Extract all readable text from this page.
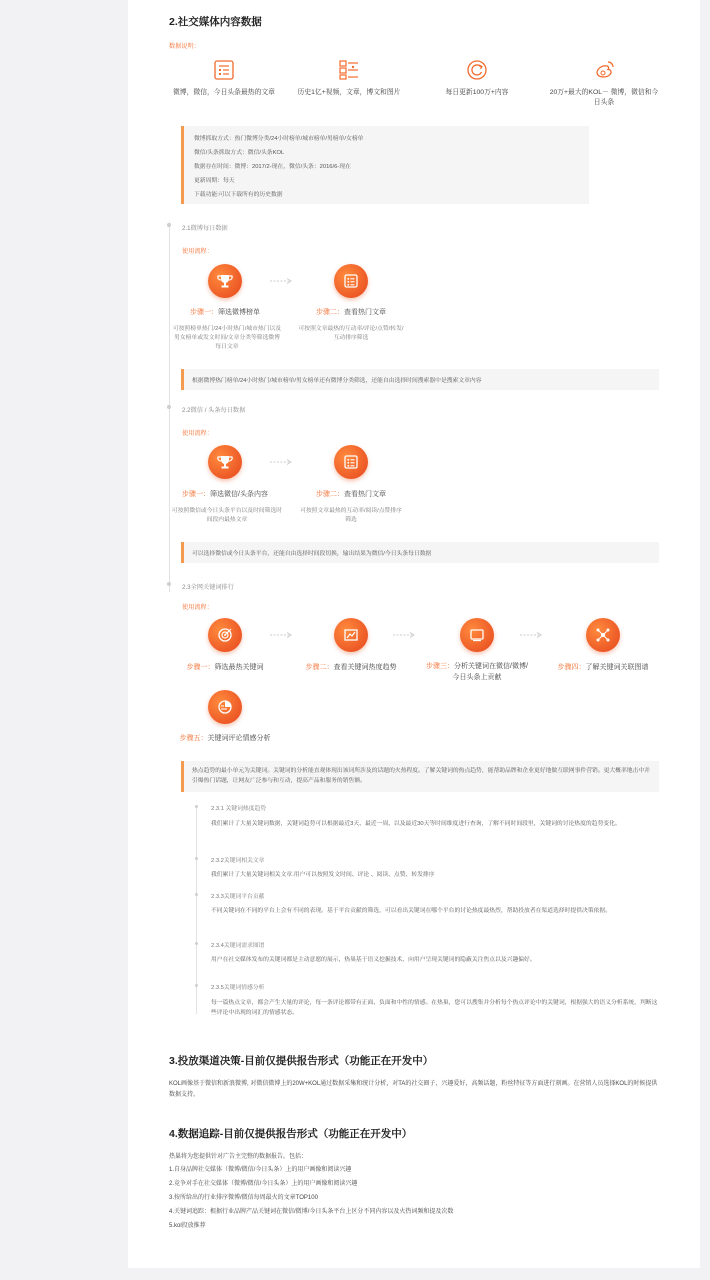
2.社交媒体内容数据
数据说明：
微博，微信，今日头条最热的文章	历史1亿+视频，文章，博文和图片	每日更新100万+内容	20万+最大的KOL－ 微博，微信和今日头条
微博抓取方式：热门微博分类/24小时榜单/城市榜单/男榜单/女榜单
微信/头条抓取方式：微信/头条KOL
数据存在时间：微博：2017/2-现在，微信/头条：2016/6-现在
更新周期：每天
下载功能:可以下载所有的历史数据
2.1微博每日数据
使用流程：
步骤一：筛选微博榜单	步骤二：查看热门文章
可按照榜单热门/24小时热门/城市热门以及男女榜单或发文时间/文章分类等筛选微博每日文章
可按照文章最热的互动率/评论/点赞/转发/互动排序筛选
根据微博热门榜单/24小时热门/城市榜单/男女榜单还有微博分类筛选，还能自由选择时间搜索器中是搜索文章内容
2.2微信 / 头条每日数据
使用流程：
步骤一：筛选微信/头条内容	步骤二：查看热门文章
可按照微信或今日头条平台以及时间筛选时间段内最热文章
可按照文章最热的互动率/阅读/点赞排序筛选
可以选择微信或今日头条平台，还能自由选择时间段切换，输出结果为微信/今日头条每日数据
2.3全网关键词排行
使用流程：
步骤一：筛选最热关键词	步骤二：查看关键词热度趋势	步骤三：分析关键词在微信/微博/
今日头条上贡献
步骤四：了解关键词关联图谱
步骤五：关键词评论情感分析
热点趋势的最小单元为关键词。关键词的分析能直观体现出该词所涉及的话题的火热程度。了解关键词的热点趋势，能帮助品牌和企业更好地做互联网事件营销。更大概率地击中并引爆热门话题，让网友广泛参与和互动，提高产品和服务的销售额。
2.3.1 关键词热度趋势
我们累计了大量关键词数据，关键词趋势可以根据最近3天、最近一周、以及最近30天等时间维度进行查询，了解不同时间段里，关键词的讨论热度的趋势变化。
2.3.2关键词相关文章
我们累计了大量关键词相关文章.用户可以按照发文时间、评论 、阅读、点赞、转发排序
2.3.3关键词平台贡献
不同关键词在不同的平台上会有不同的表现。基于平台贡献的筛选，可以看出关键词在哪个平台的讨论热度最热烈，帮助投放者在渠道选择时提供决策依据。
2.3.4关键词需求图谱
用户在社交媒体发布的关键词都是主动意愿的展示，热巢基于语义挖掘技术，向用户呈现关键词的隐蔽关注焦点以及兴趣偏好。
2.3.5关键词情感分析
每一篇热点文章，都会产生大量的评论，每一条评论都带有正面、负面和中性的情感。在热巢，您可以搜集并分析每个热点评论中的关键词，根据强大的语义分析系统，判断这些评论中出现的词汇的情感状态。
3.投放渠道决策-目前仅提供报告形式（功能正在开发中）
KOL画像基于微信和新浪微博, 对微信微博上的20W+KOL通过数据采集和统计分析，对TA的社交圈子，兴趣爱好，高频话题，粉丝特征等方面进行刻画。在营销人员选择KOL的时候提供数据支持。
4.数据追踪-目前仅提供报告形式（功能正在开发中）
热巢将为您提供针对广告主完整的数据报告。包括：
1.自身品牌社交媒体（微博/微信/今日头条）上的用户画像和阅读兴趣
2.竞争对手在社交媒体（微博/微信/今日头条）上的用户画像和阅读兴趣
3.按所给出的行业排序微博/微信每周最火的文章TOP100
4.关键词追踪：根据行业品牌产品关键词在微信/微博/今日头条平台上区分不同内容以及火热词频和提及次数
5.kol投放推荐
